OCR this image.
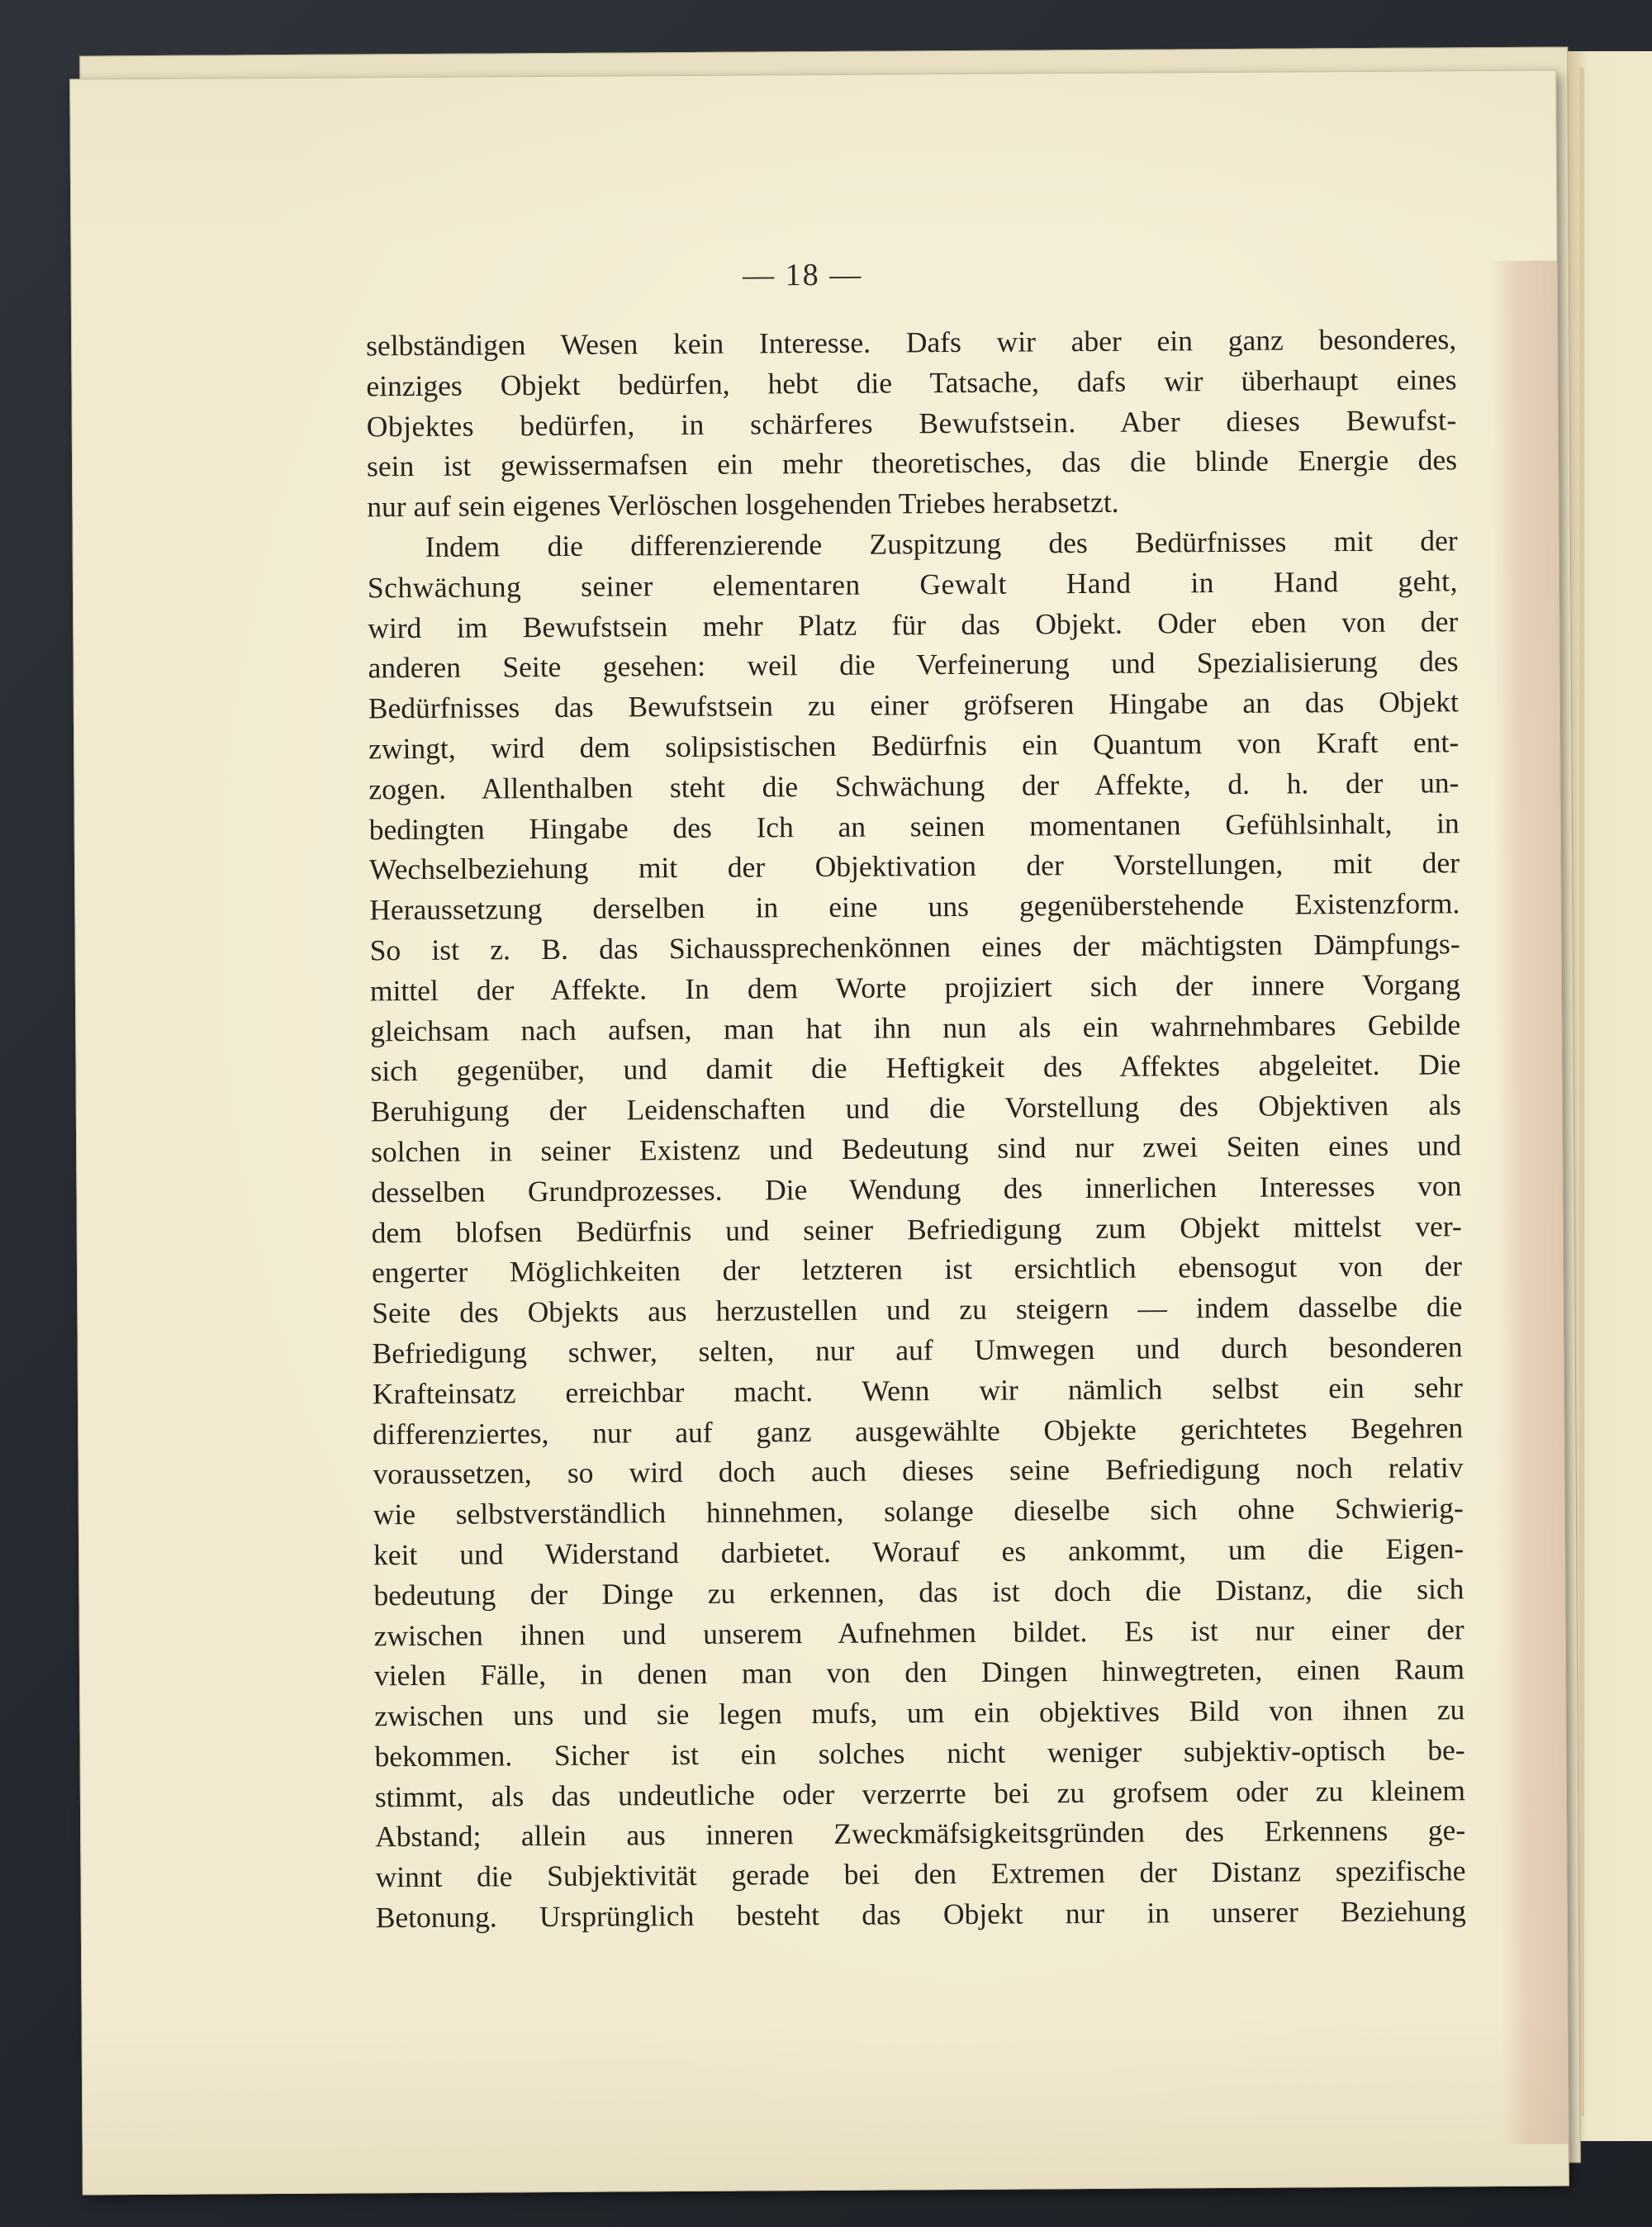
— 18 —
selbständigen Wesen kein Interesse. Dafs wir aber ein ganz besonderes,
einziges Objekt bedürfen, hebt die Tatsache, dafs wir überhaupt eines
Objektes bedürfen, in schärferes Bewufstsein. Aber dieses Bewufst-
sein ist gewissermafsen ein mehr theoretisches, das die blinde Energie des
nur auf sein eigenes Verlöschen losgehenden Triebes herabsetzt.
Indem die differenzierende Zuspitzung des Bedürfnisses mit der
Schwächung seiner elementaren Gewalt Hand in Hand geht,
wird im Bewufstsein mehr Platz für das Objekt. Oder eben von der
anderen Seite gesehen: weil die Verfeinerung und Spezialisierung des
Bedürfnisses das Bewufstsein zu einer gröfseren Hingabe an das Objekt
zwingt, wird dem solipsistischen Bedürfnis ein Quantum von Kraft ent-
zogen. Allenthalben steht die Schwächung der Affekte, d. h. der un-
bedingten Hingabe des Ich an seinen momentanen Gefühlsinhalt, in
Wechselbeziehung mit der Objektivation der Vorstellungen, mit der
Heraussetzung derselben in eine uns gegenüberstehende Existenzform.
So ist z. B. das Sichaussprechenkönnen eines der mächtigsten Dämpfungs-
mittel der Affekte. In dem Worte projiziert sich der innere Vorgang
gleichsam nach aufsen, man hat ihn nun als ein wahrnehmbares Gebilde
sich gegenüber, und damit die Heftigkeit des Affektes abgeleitet. Die
Beruhigung der Leidenschaften und die Vorstellung des Objektiven als
solchen in seiner Existenz und Bedeutung sind nur zwei Seiten eines und
desselben Grundprozesses. Die Wendung des innerlichen Interesses von
dem blofsen Bedürfnis und seiner Befriedigung zum Objekt mittelst ver-
engerter Möglichkeiten der letzteren ist ersichtlich ebensogut von der
Seite des Objekts aus herzustellen und zu steigern — indem dasselbe die
Befriedigung schwer, selten, nur auf Umwegen und durch besonderen
Krafteinsatz erreichbar macht. Wenn wir nämlich selbst ein sehr
differenziertes, nur auf ganz ausgewählte Objekte gerichtetes Begehren
voraussetzen, so wird doch auch dieses seine Befriedigung noch relativ
wie selbstverständlich hinnehmen, solange dieselbe sich ohne Schwierig-
keit und Widerstand darbietet. Worauf es ankommt, um die Eigen-
bedeutung der Dinge zu erkennen, das ist doch die Distanz, die sich
zwischen ihnen und unserem Aufnehmen bildet. Es ist nur einer der
vielen Fälle, in denen man von den Dingen hinwegtreten, einen Raum
zwischen uns und sie legen mufs, um ein objektives Bild von ihnen zu
bekommen. Sicher ist ein solches nicht weniger subjektiv-optisch be-
stimmt, als das undeutliche oder verzerrte bei zu grofsem oder zu kleinem
Abstand; allein aus inneren Zweckmäfsigkeitsgründen des Erkennens ge-
winnt die Subjektivität gerade bei den Extremen der Distanz spezifische
Betonung. Ursprünglich besteht das Objekt nur in unserer Beziehung
